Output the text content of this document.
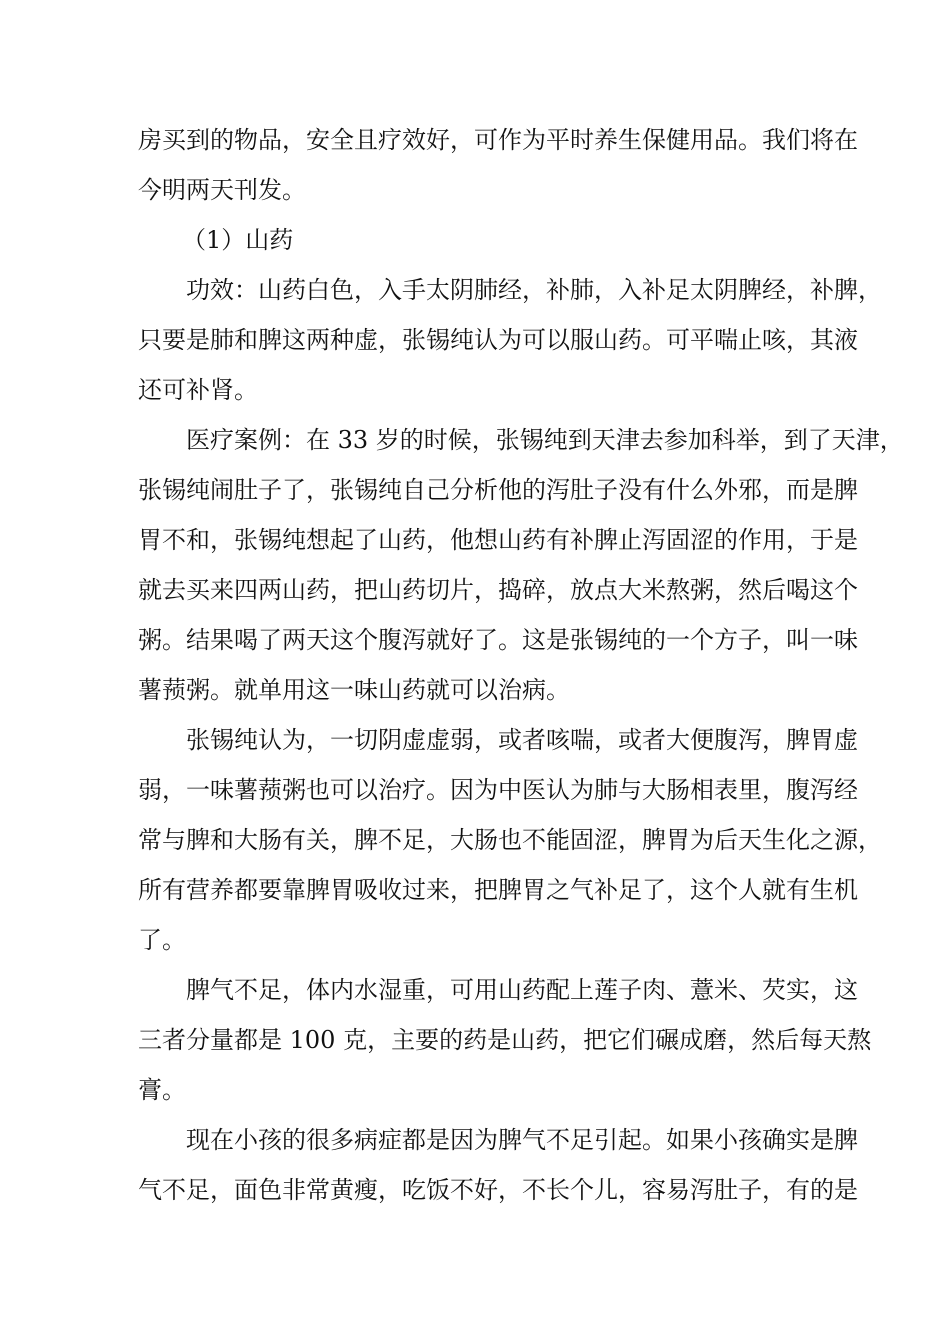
房买到的物品，安全且疗效好，可作为平时养生保健用品。我们将在
今明两天刊发。
（1）山药
功效：山药白色，入手太阴肺经，补肺，入补足太阴脾经，补脾，
只要是肺和脾这两种虚，张锡纯认为可以服山药。可平喘止咳，其液
还可补肾。
医疗案例：在 33 岁的时候，张锡纯到天津去参加科举，到了天津，
张锡纯闹肚子了，张锡纯自己分析他的泻肚子没有什么外邪，而是脾
胃不和，张锡纯想起了山药，他想山药有补脾止泻固涩的作用，于是
就去买来四两山药，把山药切片，捣碎，放点大米熬粥，然后喝这个
粥。结果喝了两天这个腹泻就好了。这是张锡纯的一个方子，叫一味
薯蓣粥。就单用这一味山药就可以治病。
张锡纯认为，一切阴虚虚弱，或者咳喘，或者大便腹泻，脾胃虚
弱，一味薯蓣粥也可以治疗。因为中医认为肺与大肠相表里，腹泻经
常与脾和大肠有关，脾不足，大肠也不能固涩，脾胃为后天生化之源，
所有营养都要靠脾胃吸收过来，把脾胃之气补足了，这个人就有生机
了。
脾气不足，体内水湿重，可用山药配上莲子肉、薏米、芡实，这
三者分量都是 100 克，主要的药是山药，把它们碾成磨，然后每天熬
膏。
现在小孩的很多病症都是因为脾气不足引起。如果小孩确实是脾
气不足，面色非常黄瘦，吃饭不好，不长个儿，容易泻肚子，有的是
